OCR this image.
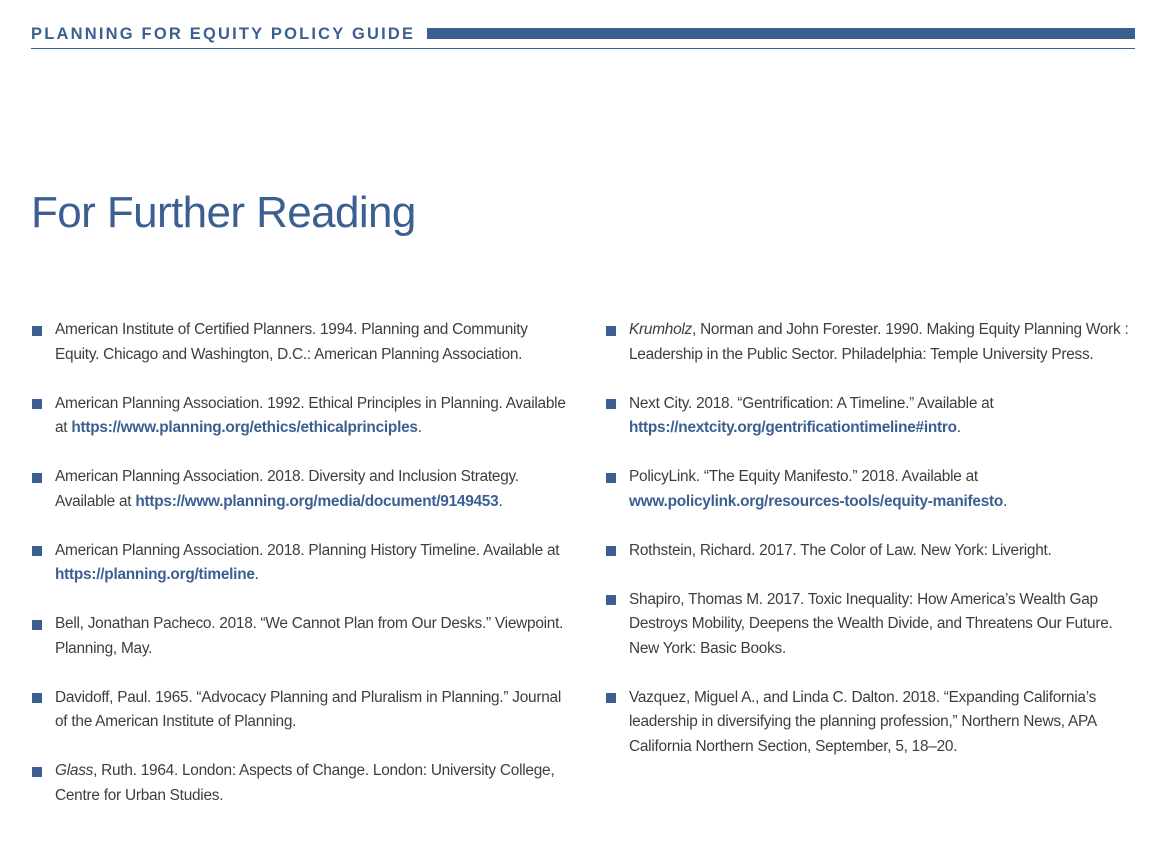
PLANNING FOR EQUITY POLICY GUIDE
For Further Reading
American Institute of Certified Planners. 1994. Planning and Community Equity. Chicago and Washington, D.C.: American Planning Association.
American Planning Association. 1992. Ethical Principles in Planning. Available at https://www.planning.org/ethics/ethicalprinciples.
American Planning Association. 2018. Diversity and Inclusion Strategy. Available at https://www.planning.org/media/document/9149453.
American Planning Association. 2018. Planning History Timeline. Available at https://planning.org/timeline.
Bell, Jonathan Pacheco. 2018. “We Cannot Plan from Our Desks.” Viewpoint. Planning, May.
Davidoff, Paul. 1965. “Advocacy Planning and Pluralism in Planning.” Journal of the American Institute of Planning.
Glass, Ruth. 1964. London: Aspects of Change. London: University College, Centre for Urban Studies.
Krumholz, Norman and John Forester. 1990. Making Equity Planning Work : Leadership in the Public Sector. Philadelphia: Temple University Press.
Next City. 2018. “Gentrification: A Timeline.” Available at https://nextcity.org/gentrificationtimeline#intro.
PolicyLink. “The Equity Manifesto.” 2018. Available at www.policylink.org/resources-tools/equity-manifesto.
Rothstein, Richard. 2017. The Color of Law. New York: Liveright.
Shapiro, Thomas M. 2017. Toxic Inequality: How America’s Wealth Gap Destroys Mobility, Deepens the Wealth Divide, and Threatens Our Future. New York: Basic Books.
Vazquez, Miguel A., and Linda C. Dalton. 2018. “Expanding California’s leadership in diversifying the planning profession,” Northern News, APA California Northern Section, September, 5, 18–20.
